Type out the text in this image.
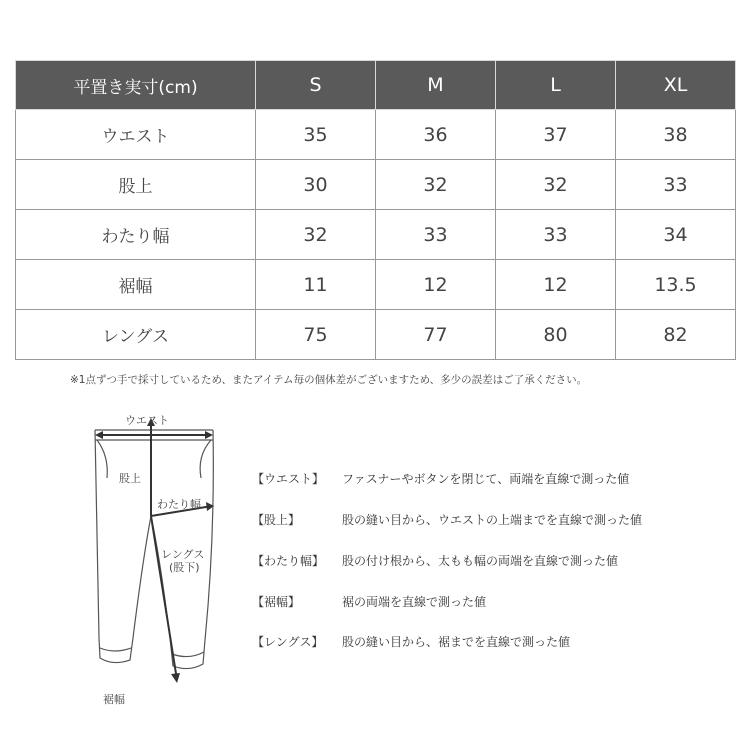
平置き実寸(cm)	S	M	L	XL
ウエスト	35	36	37	38
股上	30	32	32	33
わたり幅	32	33	33	34
裾幅	11	12	12	13.5
レングス	75	77	80	82
※1点ずつ手で採寸しているため、またアイテム毎の個体差がございますため、多少の誤差はご了承ください。
ウエスト
股上
わたり幅
レングス
(股下)
裾幅
【ウエスト】 ファスナーやボタンを閉じて、両端を直線で測った値
【股上】	股の縫い目から、ウエストの上端までを直線で測った値
【わたり幅】 股の付け根から、太もも幅の両端を直線で測った値
【裾幅】	裾の両端を直線で測った値
【レングス】 股の縫い目から、裾までを直線で測った値
